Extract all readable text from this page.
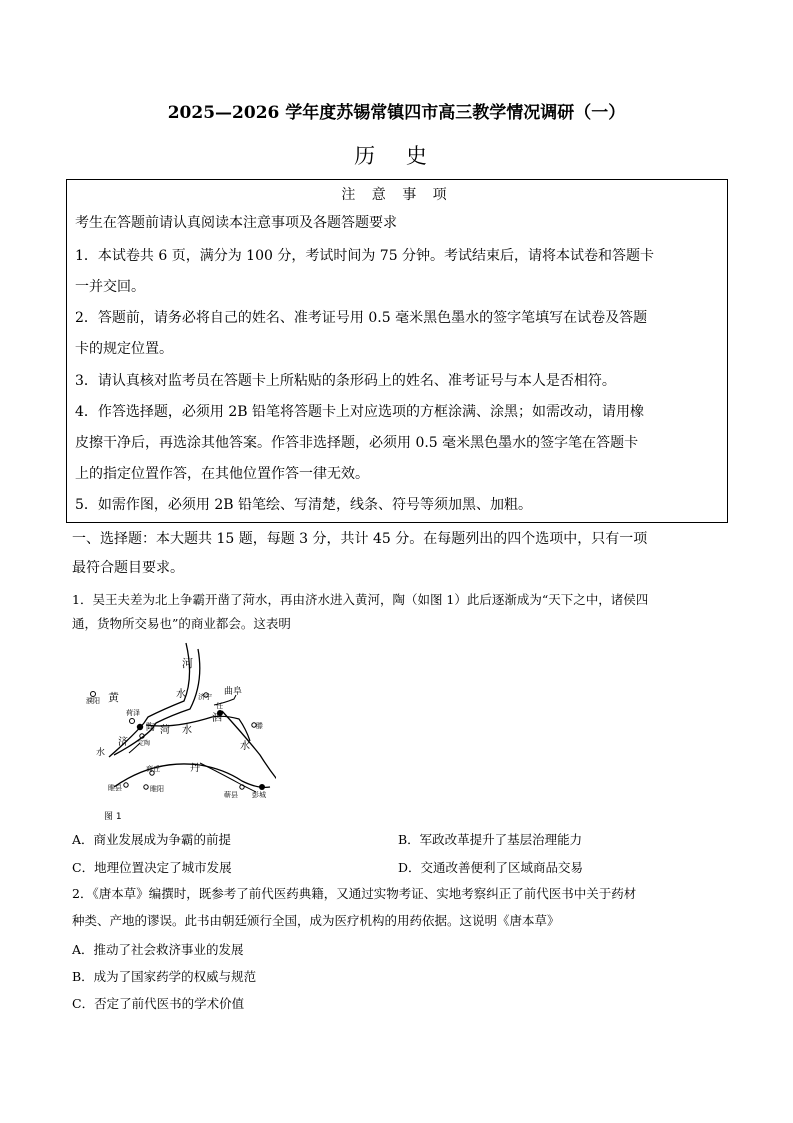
2025—2026 学年度苏锡常镇四市高三教学情况调研（一）
历 史
注 意 事 项
考生在答题前请认真阅读本注意事项及各题答题要求
1．本试卷共 6 页，满分为 100 分，考试时间为 75 分钟。考试结束后，请将本试卷和答题卡
一并交回。
2．答题前，请务必将自己的姓名、准考证号用 0.5 毫米黑色墨水的签字笔填写在试卷及答题
卡的规定位置。
3．请认真核对监考员在答题卡上所粘贴的条形码上的姓名、准考证号与本人是否相符。
4．作答选择题，必须用 2B 铅笔将答题卡上对应选项的方框涂满、涂黑；如需改动，请用橡
皮擦干净后，再选涂其他答案。作答非选择题，必须用 0.5 毫米黑色墨水的签字笔在答题卡
上的指定位置作答，在其他位置作答一律无效。
5．如需作图，必须用 2B 铅笔绘、写清楚，线条、符号等须加黑、加粗。
一、选择题：本大题共 15 题，每题 3 分，共计 45 分。在每题列出的四个选项中，只有一项
最符合题目要求。
1．吴王夫差为北上争霸开凿了菏水，再由济水进入黄河，陶（如图 1）此后逐渐成为“天下之中，诸侯四
通，货物所交易也”的商业都会。这表明
河
水 济宁 曲阜
濮阳 黄
荷泽
任
泗
滕
陶 菏 水
济 定陶
水
水
丹
商丘
睢阳
睢县
蕲县 彭城
图 1
A．商业发展成为争霸的前提	B．军政改革提升了基层治理能力
C．地理位置决定了城市发展	D．交通改善便利了区域商品交易
2．《唐本草》编撰时，既参考了前代医药典籍，又通过实物考证、实地考察纠正了前代医书中关于药材
种类、产地的谬误。此书由朝廷颁行全国，成为医疗机构的用药依据。这说明《唐本草》
A．推动了社会救济事业的发展
B．成为了国家药学的权威与规范
C．否定了前代医书的学术价值
